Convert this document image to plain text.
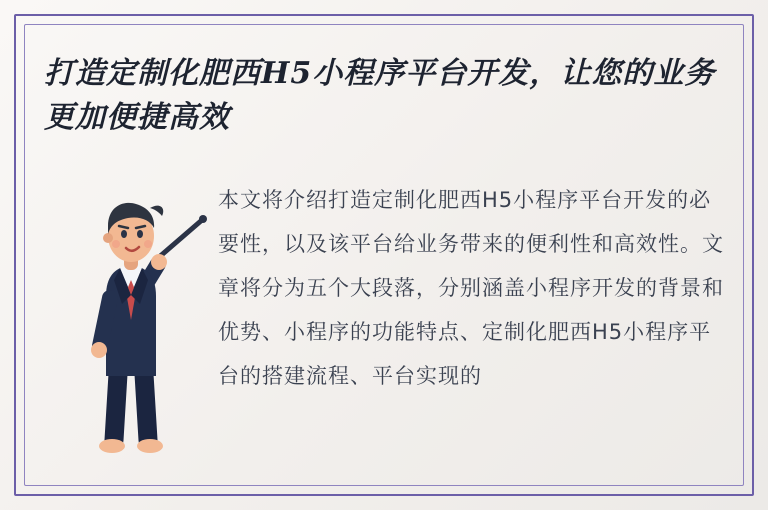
打造定制化肥西H5小程序平台开发，让您的业务更加便捷高效
本文将介绍打造定制化肥西H5小程序平台开发的必要性，以及该平台给业务带来的便利性和高效性。文章将分为五个大段落，分别涵盖小程序开发的背景和优势、小程序的功能特点、定制化肥西H5小程序平台的搭建流程、平台实现的
